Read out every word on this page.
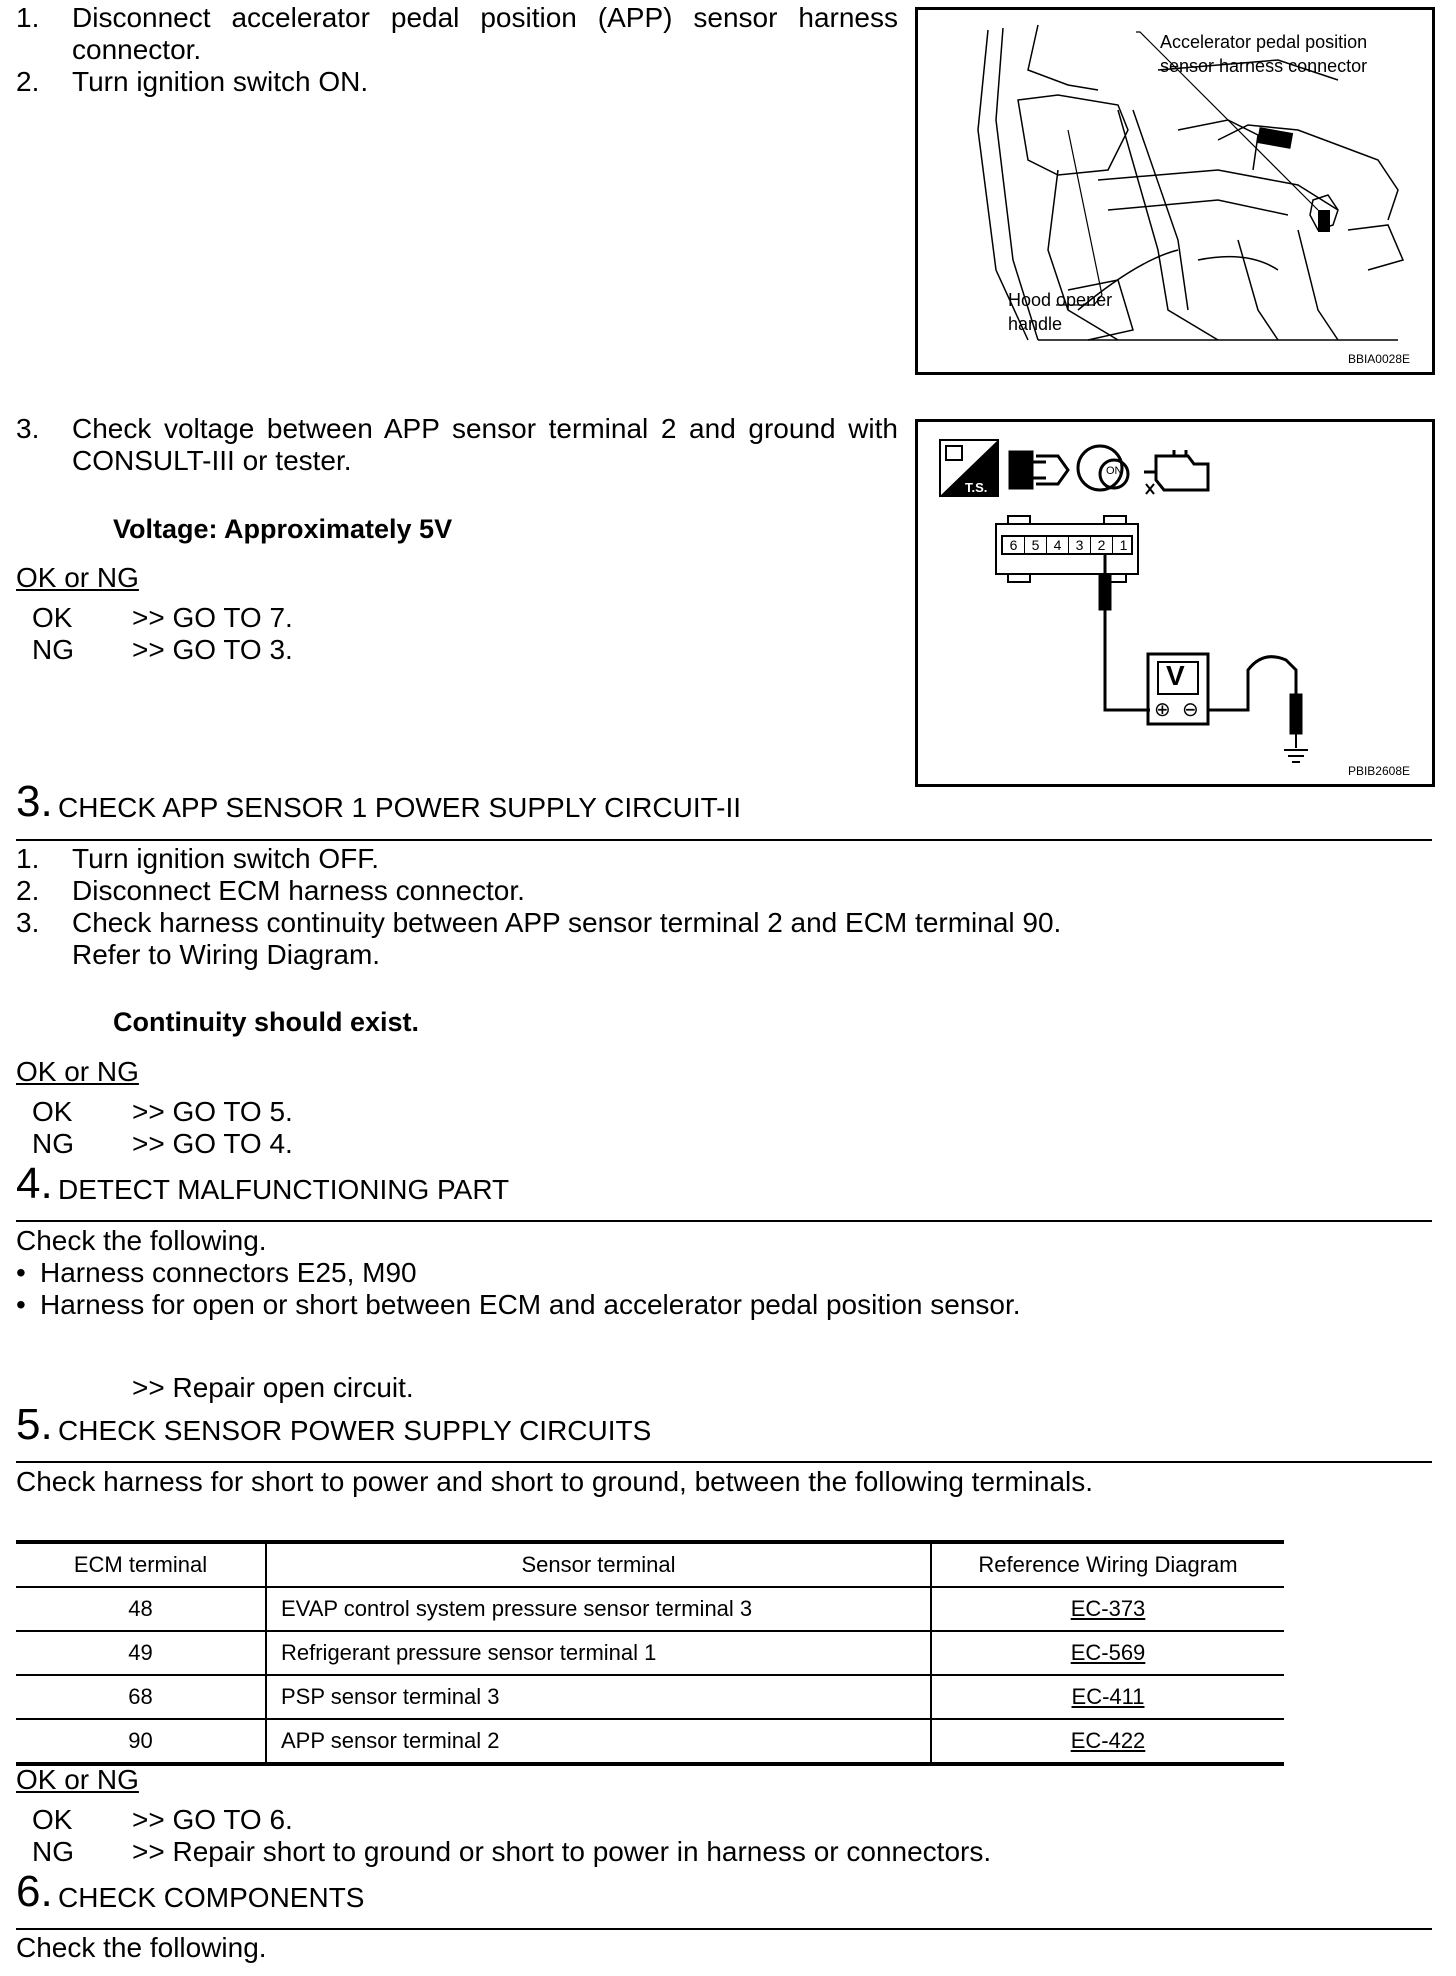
1. Disconnect accelerator pedal position (APP) sensor harness
connector.
2. Turn ignition switch ON.
3. Check voltage between APP sensor terminal 2 and ground with
CONSULT-III or tester.
Voltage: Approximately 5V
OK or NG
OK >> GO TO 7.
NG >> GO TO 3.
Accelerator pedal position
sensor harness connector
Hood opener
handle
BBIA0028E
T.S.
ON
6	5	4	3	2	1
V
⊕ ⊖
PBIB2608E
3. CHECK APP SENSOR 1 POWER SUPPLY CIRCUIT-II
1. Turn ignition switch OFF.
2. Disconnect ECM harness connector.
3. Check harness continuity between APP sensor terminal 2 and ECM terminal 90.
Refer to Wiring Diagram.
Continuity should exist.
OK or NG
OK >> GO TO 5.
NG >> GO TO 4.
4. DETECT MALFUNCTIONING PART
Check the following.
• Harness connectors E25, M90
• Harness for open or short between ECM and accelerator pedal position sensor.
>> Repair open circuit.
5. CHECK SENSOR POWER SUPPLY CIRCUITS
Check harness for short to power and short to ground, between the following terminals.
ECM terminal	Sensor terminal	Reference Wiring Diagram
48	EVAP control system pressure sensor terminal 3	EC-373
49	Refrigerant pressure sensor terminal 1	EC-569
68	PSP sensor terminal 3	EC-411
90	APP sensor terminal 2	EC-422
OK or NG
OK >> GO TO 6.
NG >> Repair short to ground or short to power in harness or connectors.
6. CHECK COMPONENTS
Check the following.
